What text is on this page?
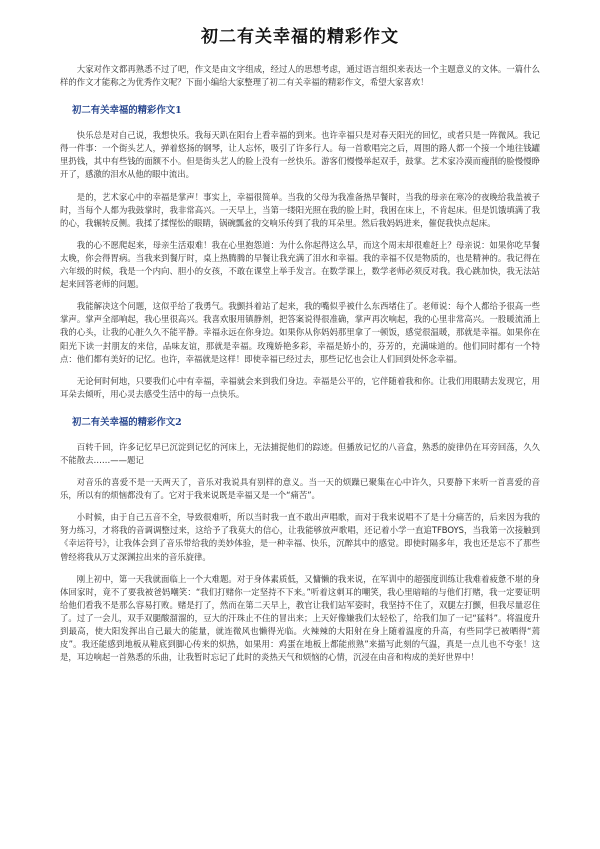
初二有关幸福的精彩作文

大家对作文都再熟悉不过了吧，作文是由文字组成，经过人的思想考虑，通过语言组织来表达一个主题意义的文体。一篇什么样的作文才能称之为优秀作文呢？下面小编给大家整理了初二有关幸福的精彩作文，希望大家喜欢！

初二有关幸福的精彩作文1

快乐总是对自己说，我想快乐。我每天趴在阳台上看幸福的到来。也许幸福只是对春天阳光的回忆，或者只是一阵微风。我记得一件事：一个街头艺人，弹着悠扬的钢琴，让人忘怀，吸引了许多行人。每一首歌唱完之后，周围的路人都一个接一个地往钱罐里扔钱，其中有些钱的面额不小。但是街头艺人的脸上没有一丝快乐。游客们慢慢举起双手，鼓掌。艺术家冷漠而瘦削的脸慢慢睁开了，感激的泪水从他的眼中流出。

是的，艺术家心中的幸福是掌声！事实上，幸福很简单。当我的父母为我准备热早餐时，当我的母亲在寒冷的夜晚给我盖被子时，当每个人都为我鼓掌时，我非常高兴。一天早上，当第一缕阳光照在我的脸上时，我困在床上，不肯起床。但是饥饿填满了我的心，我辗转反侧。我揉了揉惺忪的眼睛，锅碗瓢盆的交响乐传到了我的耳朵里。然后我妈妈进来，催促我快点起床。

我的心不愿爬起来，母亲生活艰难！我在心里抱怨道：为什么你起得这么早，而这个周末却很难赶上？母亲说：如果你吃早餐太晚，你会得胃病。当我来到餐厅时，桌上热腾腾的早餐让我充满了泪水和幸福。我的幸福不仅是物质的，也是精神的。我记得在六年级的时候，我是一个内向、胆小的女孩，不敢在课堂上举手发言。在数学课上，数学老师必须反对我。我心跳加快，我无法站起来回答老师的问题。

我能解决这个问题，这似乎给了我勇气。我颤抖着站了起来，我的嘴似乎被什么东西堵住了。老师说：每个人都给予很高一些掌声。掌声全部响起，我心里很高兴。我喜欢服用镇静剂，把答案说得很准确，掌声再次响起，我的心里非常高兴。一股暖流涌上我的心头，让我的心脏久久不能平静。幸福永远在你身边。如果你从你妈妈那里拿了一顿饭，感觉很温暖，那就是幸福。如果你在阳光下读一封朋友的来信，品味友谊，那就是幸福。玫瑰娇艳多彩，幸福是娇小的，芬芳的，充满味道的。他们同时都有一个特点：他们都有美好的记忆。也许，幸福就是这样！即使幸福已经过去，那些记忆也会让人们回到处怀念幸福。

无论何时何地，只要我们心中有幸福，幸福就会来到我们身边。幸福是公平的，它伴随着我和你。让我们用眼睛去发现它，用耳朵去倾听，用心灵去感受生活中的每一点快乐。

初二有关幸福的精彩作文2

百转千回，许多记忆早已沉淀到记忆的河床上，无法捕捉他们的踪迹。但播放记忆的八音盒，熟悉的旋律仍在耳旁回荡，久久不能散去……——题记

对音乐的喜爱不是一天两天了，音乐对我说具有别样的意义。当一天的烦躁已聚集在心中许久，只要静下来听一首喜爱的音乐，所以有的烦恼都没有了。它对于我来说既是幸福又是一个“痛苦”。

小时候，由于自己五音不全，导致很难听，所以当时我一直不敢出声唱歌，而对于我来说唱不了是十分痛苦的，后来因为我的努力练习，才将我的音调调整过来，这给予了我莫大的信心，让我能够放声歌唱，还记着小学一直追TFBOYS，当我第一次接触到《幸运符号》，让我体会到了音乐带给我的美妙体验，是一种幸福、快乐，沉醉其中的感觉。即使时隔多年，我也还是忘不了那些曾经将我从万丈深渊拉出来的音乐旋律。

刚上初中，第一天我就面临上一个大难题。对于身体素质低，又慵懒的我来说，在军训中的超强度训练让我难着疲惫不堪的身体回家时，竟不了要我被爸妈嘲笑：“我们打赌你一定坚持不下来。”听着这刺耳的嘲笑，我心里暗暗的与他们打赌，我一定要证明给他们看我不是那么容易打败。赌是打了，然而在第二天早上，教官让我们站军姿时，我坚持不住了，双腿左打颤，但我尽量忍住了。过了一会儿，双手双腿酸溜溜的，豆大的汗珠止不住的冒出来；上天好像嫌我们太轻松了，给我们加了一记“猛料”。将温度升到最高，使大阳发挥出自己最大的能量，就连微风也懒得光临。火辣辣的大阳射在身上随着温度的升高，有些同学已被晒得“蔫皮”。我还能感到地板从鞋底到脚心传来的炽热，如果用：鸡蛋在地板上都能煎熟”来描写此刻的气温，真是一点儿也不夸张！这是，耳边响起一首熟悉的乐曲，让我暂时忘记了此时的炎热天气和烦恼的心情，沉浸在由音和构成的美好世界中！
